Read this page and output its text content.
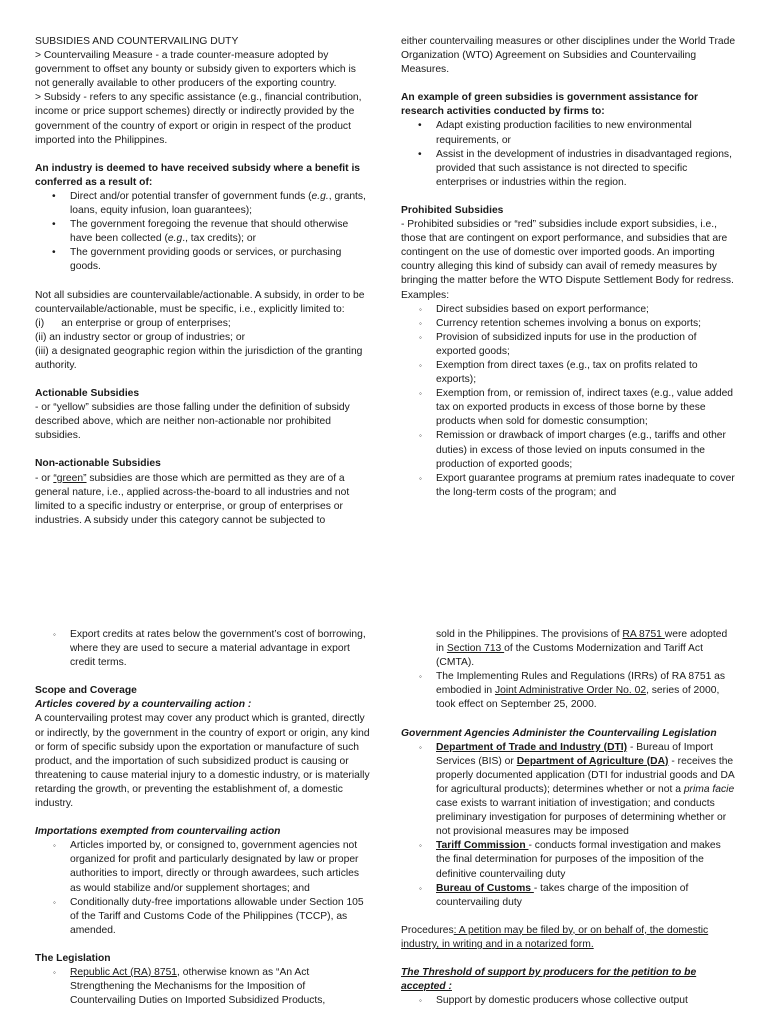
SUBSIDIES AND COUNTERVAILING DUTY

> Countervailing Measure - a trade counter-measure adopted by government to offset any bounty or subsidy given to exporters which is not generally available to other producers of the exporting country.

> Subsidy - refers to any specific assistance (e.g., financial contribution, income or price support schemes) directly or indirectly provided by the government of the country of export or origin in respect of the product imported into the Philippines.

An industry is deemed to have received subsidy where a benefit is conferred as a result of:

• Direct and/or potential transfer of government funds (e.g., grants, loans, equity infusion, loan guarantees);
• The government foregoing the revenue that should otherwise have been collected (e.g., tax credits); or
• The government providing goods or services, or purchasing goods.

Not all subsidies are countervailable/actionable. A subsidy, in order to be countervailable/actionable, must be specific, i.e., explicitly limited to:

(i)      an enterprise or group of enterprises;

(ii) an industry sector or group of industries; or

(iii) a designated geographic region within the jurisdiction of the granting authority.

Actionable Subsidies

- or “yellow” subsidies are those falling under the definition of subsidy described above, which are neither non-actionable nor prohibited subsidies.

Non-actionable Subsidies

- or “green” subsidies are those which are permitted as they are of a general nature, i.e., applied across-the-board to all industries and not limited to a specific industry or enterprise, or group of enterprises or industries. A subsidy under this category cannot be subjected to

either countervailing measures or other disciplines under the World Trade Organization (WTO) Agreement on Subsidies and Countervailing Measures.

An example of green subsidies is government assistance for research activities conducted by firms to:

• Adapt existing production facilities to new environmental requirements, or
• Assist in the development of industries in disadvantaged regions, provided that such assistance is not directed to specific enterprises or industries within the region.

Prohibited Subsidies

- Prohibited subsidies or “red” subsidies include export subsidies, i.e., those that are contingent on export performance, and subsidies that are contingent on the use of domestic over imported goods. An importing country alleging this kind of subsidy can avail of remedy measures by bringing the matter before the WTO Dispute Settlement Body for redress.

Examples:

◦ Direct subsidies based on export performance;
◦ Currency retention schemes involving a bonus on exports;
◦ Provision of subsidized inputs for use in the production of exported goods;
◦ Exemption from direct taxes (e.g., tax on profits related to exports);
◦ Exemption from, or remission of, indirect taxes (e.g., value added tax on exported products in excess of those borne by these products when sold for domestic consumption;
◦ Remission or drawback of import charges (e.g., tariffs and other duties) in excess of those levied on inputs consumed in the production of exported goods;
◦ Export guarantee programs at premium rates inadequate to cover the long-term costs of the program; and
◦ Export credits at rates below the government’s cost of borrowing, where they are used to secure a material advantage in export credit terms.

Scope and Coverage

Articles covered by a countervailing action :

A countervailing protest may cover any product which is granted, directly or indirectly, by the government in the country of export or origin, any kind or form of specific subsidy upon the exportation or manufacture of such product, and the importation of such subsidized product is causing or threatening to cause material injury to a domestic industry, or is materially retarding the growth, or preventing the establishment of, a domestic industry.

Importations exempted from countervailing action

◦ Articles imported by, or consigned to, government agencies not organized for profit and particularly designated by law or proper authorities to import, directly or through awardees, such articles as would stabilize and/or supplement shortages; and
◦ Conditionally duty-free importations allowable under Section 105 of the Tariff and Customs Code of the Philippines (TCCP), as amended.

The Legislation

◦ Republic Act (RA) 8751, otherwise known as “An Act Strengthening the Mechanisms for the Imposition of Countervailing Duties on Imported Subsidized Products,

sold in the Philippines. The provisions of RA 8751 were adopted in Section 713 of the Customs Modernization and Tariff Act (CMTA).

◦ The Implementing Rules and Regulations (IRRs) of RA 8751 as embodied in Joint Administrative Order No. 02, series of 2000, took effect on September 25, 2000.

Government Agencies Administer the Countervailing Legislation

◦ Department of Trade and Industry (DTI) - Bureau of Import Services (BIS) or Department of Agriculture (DA) - receives the properly documented application (DTI for industrial goods and DA for agricultural products); determines whether or not a prima facie case exists to warrant initiation of investigation; and conducts preliminary investigation for purposes of determining whether or not provisional measures may be imposed
◦ Tariff Commission - conducts formal investigation and makes the final determination for purposes of the imposition of the definitive countervailing duty
◦ Bureau of Customs - takes charge of the imposition of countervailing duty

Procedures: A petition may be filed by, or on behalf of, the domestic industry, in writing and in a notarized form.

The Threshold of support by producers for the petition to be accepted :

◦ Support by domestic producers whose collective output
